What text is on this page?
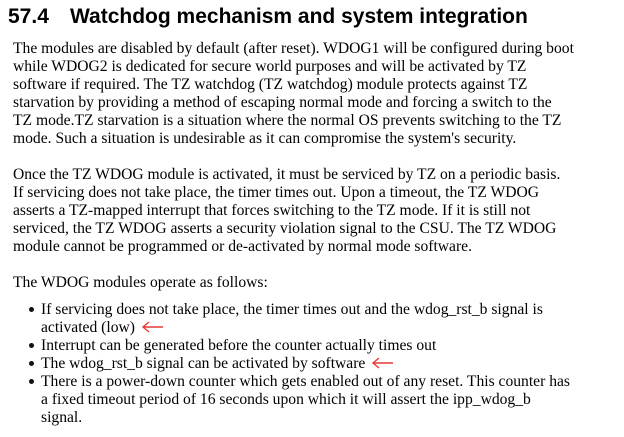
57.4 Watchdog mechanism and system integration

The modules are disabled by default (after reset). WDOG1 will be configured during boot
while WDOG2 is dedicated for secure world purposes and will be activated by TZ
software if required. The TZ watchdog (TZ watchdog) module protects against TZ
starvation by providing a method of escaping normal mode and forcing a switch to the
TZ mode.TZ starvation is a situation where the normal OS prevents switching to the TZ
mode. Such a situation is undesirable as it can compromise the system's security.

Once the TZ WDOG module is activated, it must be serviced by TZ on a periodic basis.
If servicing does not take place, the timer times out. Upon a timeout, the TZ WDOG
asserts a TZ-mapped interrupt that forces switching to the TZ mode. If it is still not
serviced, the TZ WDOG asserts a security violation signal to the CSU. The TZ WDOG
module cannot be programmed or de-activated by normal mode software.

The WDOG modules operate as follows:

If servicing does not take place, the timer times out and the wdog_rst_b signal is
activated (low)
Interrupt can be generated before the counter actually times out
The wdog_rst_b signal can be activated by software
There is a power-down counter which gets enabled out of any reset. This counter has
a fixed timeout period of 16 seconds upon which it will assert the ipp_wdog_b
signal.
